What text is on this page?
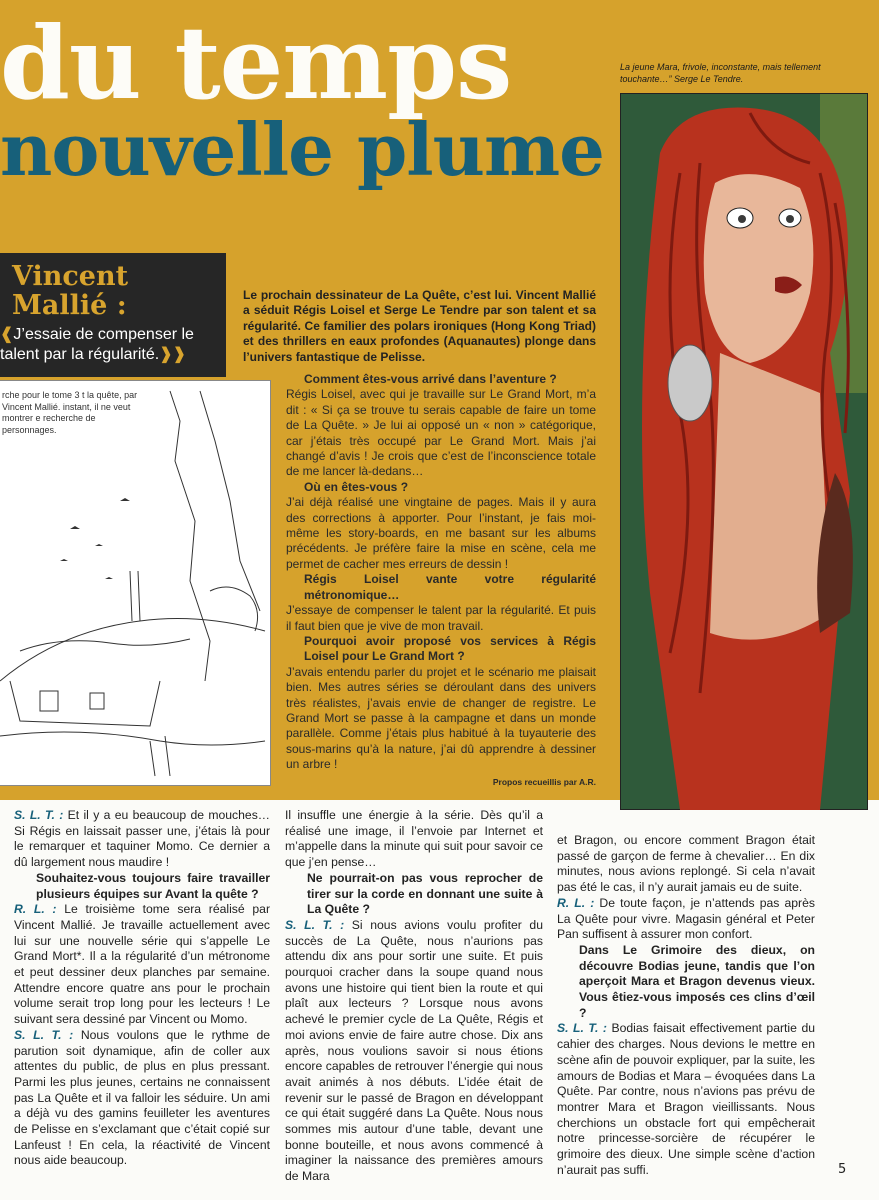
du temps
nouvelle plume
Vincent Mallié :
❰J’essaie de compenser le talent par la régularité.❱❱
Le prochain dessinateur de La Quête, c’est lui. Vincent Mallié a séduit Régis Loisel et Serge Le Tendre par son talent et sa régularité. Ce familier des polars ironiques (Hong Kong Triad) et des thrillers en eaux profondes (Aquanautes) plonge dans l’univers fantastique de Pelisse.

Comment êtes-vous arrivé dans l’aventure ?

Régis Loisel, avec qui je travaille sur Le Grand Mort, m’a dit : « Si ça se trouve tu serais capable de faire un tome de La Quête. » Je lui ai opposé un « non » catégorique, car j’étais très occupé par Le Grand Mort. Mais j’ai changé d’avis ! Je crois que c’est de l’inconscience totale de me lancer là-dedans…

Où en êtes-vous ?

J’ai déjà réalisé une vingtaine de pages. Mais il y aura des corrections à apporter. Pour l’instant, je fais moi-même les story-boards, en me basant sur les albums précédents. Je préfère faire la mise en scène, cela me permet de cacher mes erreurs de dessin !

Régis Loisel vante votre régularité métronomique…

J’essaye de compenser le talent par la régularité. Et puis il faut bien que je vive de mon travail.

Pourquoi avoir proposé vos services à Régis Loisel pour Le Grand Mort ?

J’avais entendu parler du projet et le scénario me plaisait bien. Mes autres séries se déroulant dans des univers très réalistes, j’avais envie de changer de registre. Le Grand Mort se passe à la campagne et dans un monde parallèle. Comme j’étais plus habitué à la tuyauterie des sous-marins qu’à la nature, j’ai dû apprendre à dessiner un arbre !

Propos recueillis par A.R.

rche pour le tome 3 t la quête, par Vincent Mallié. instant, il ne veut montrer e recherche de personnages.
La jeune Mara, frivole, inconstante, mais tellement touchante…” Serge Le Tendre.

S. L. T. : Et il y a eu beaucoup de mouches… Si Régis en laissait passer une, j’étais là pour le remarquer et taquiner Momo. Ce dernier a dû largement nous maudire !

Souhaitez-vous toujours faire travailler plusieurs équipes sur Avant la quête ?

R. L. : Le troisième tome sera réalisé par Vincent Mallié. Je travaille actuellement avec lui sur une nouvelle série qui s’appelle Le Grand Mort*. Il a la régularité d’un métronome et peut dessiner deux planches par semaine. Attendre encore quatre ans pour le prochain volume serait trop long pour les lecteurs ! Le suivant sera dessiné par Vincent ou Momo.

S. L. T. : Nous voulons que le rythme de parution soit dynamique, afin de coller aux attentes du public, de plus en plus pressant. Parmi les plus jeunes, certains ne connaissent pas La Quête et il va falloir les séduire. Un ami a déjà vu des gamins feuilleter les aventures de Pelisse en s’exclamant que c’était copié sur Lanfeust ! En cela, la réactivité de Vincent nous aide beaucoup.

Il insuffle une énergie à la série. Dès qu’il a réalisé une image, il l’envoie par Internet et m’appelle dans la minute qui suit pour savoir ce que j’en pense…

Ne pourrait-on pas vous reprocher de tirer sur la corde en donnant une suite à La Quête ?

S. L. T. : Si nous avions voulu profiter du succès de La Quête, nous n’aurions pas attendu dix ans pour sortir une suite. Et puis pourquoi cracher dans la soupe quand nous avons une histoire qui tient bien la route et qui plaît aux lecteurs ? Lorsque nous avons achevé le premier cycle de La Quête, Régis et moi avions envie de faire autre chose. Dix ans après, nous voulions savoir si nous étions encore capables de retrouver l’énergie qui nous avait animés à nos débuts. L’idée était de revenir sur le passé de Bragon en développant ce qui était suggéré dans La Quête. Nous nous sommes mis autour d’une table, devant une bonne bouteille, et nous avons commencé à imaginer la naissance des premières amours de Mara

et Bragon, ou encore comment Bragon était passé de garçon de ferme à chevalier… En dix minutes, nous avions replongé. Si cela n’avait pas été le cas, il n’y aurait jamais eu de suite.

R. L. : De toute façon, je n’attends pas après La Quête pour vivre. Magasin général et Peter Pan suffisent à assurer mon confort.

Dans Le Grimoire des dieux, on découvre Bodias jeune, tandis que l’on aperçoit Mara et Bragon devenus vieux. Vous êtiez-vous imposés ces clins d’œil ?

S. L. T. : Bodias faisait effectivement partie du cahier des charges. Nous devions le mettre en scène afin de pouvoir expliquer, par la suite, les amours de Bodias et Mara – évoquées dans La Quête. Par contre, nous n’avions pas prévu de montrer Mara et Bragon vieillissants. Nous cherchions un obstacle fort qui empêcherait notre princesse-sorcière de récupérer le grimoire des dieux. Une simple scène d’action n’aurait pas suffi.	5
